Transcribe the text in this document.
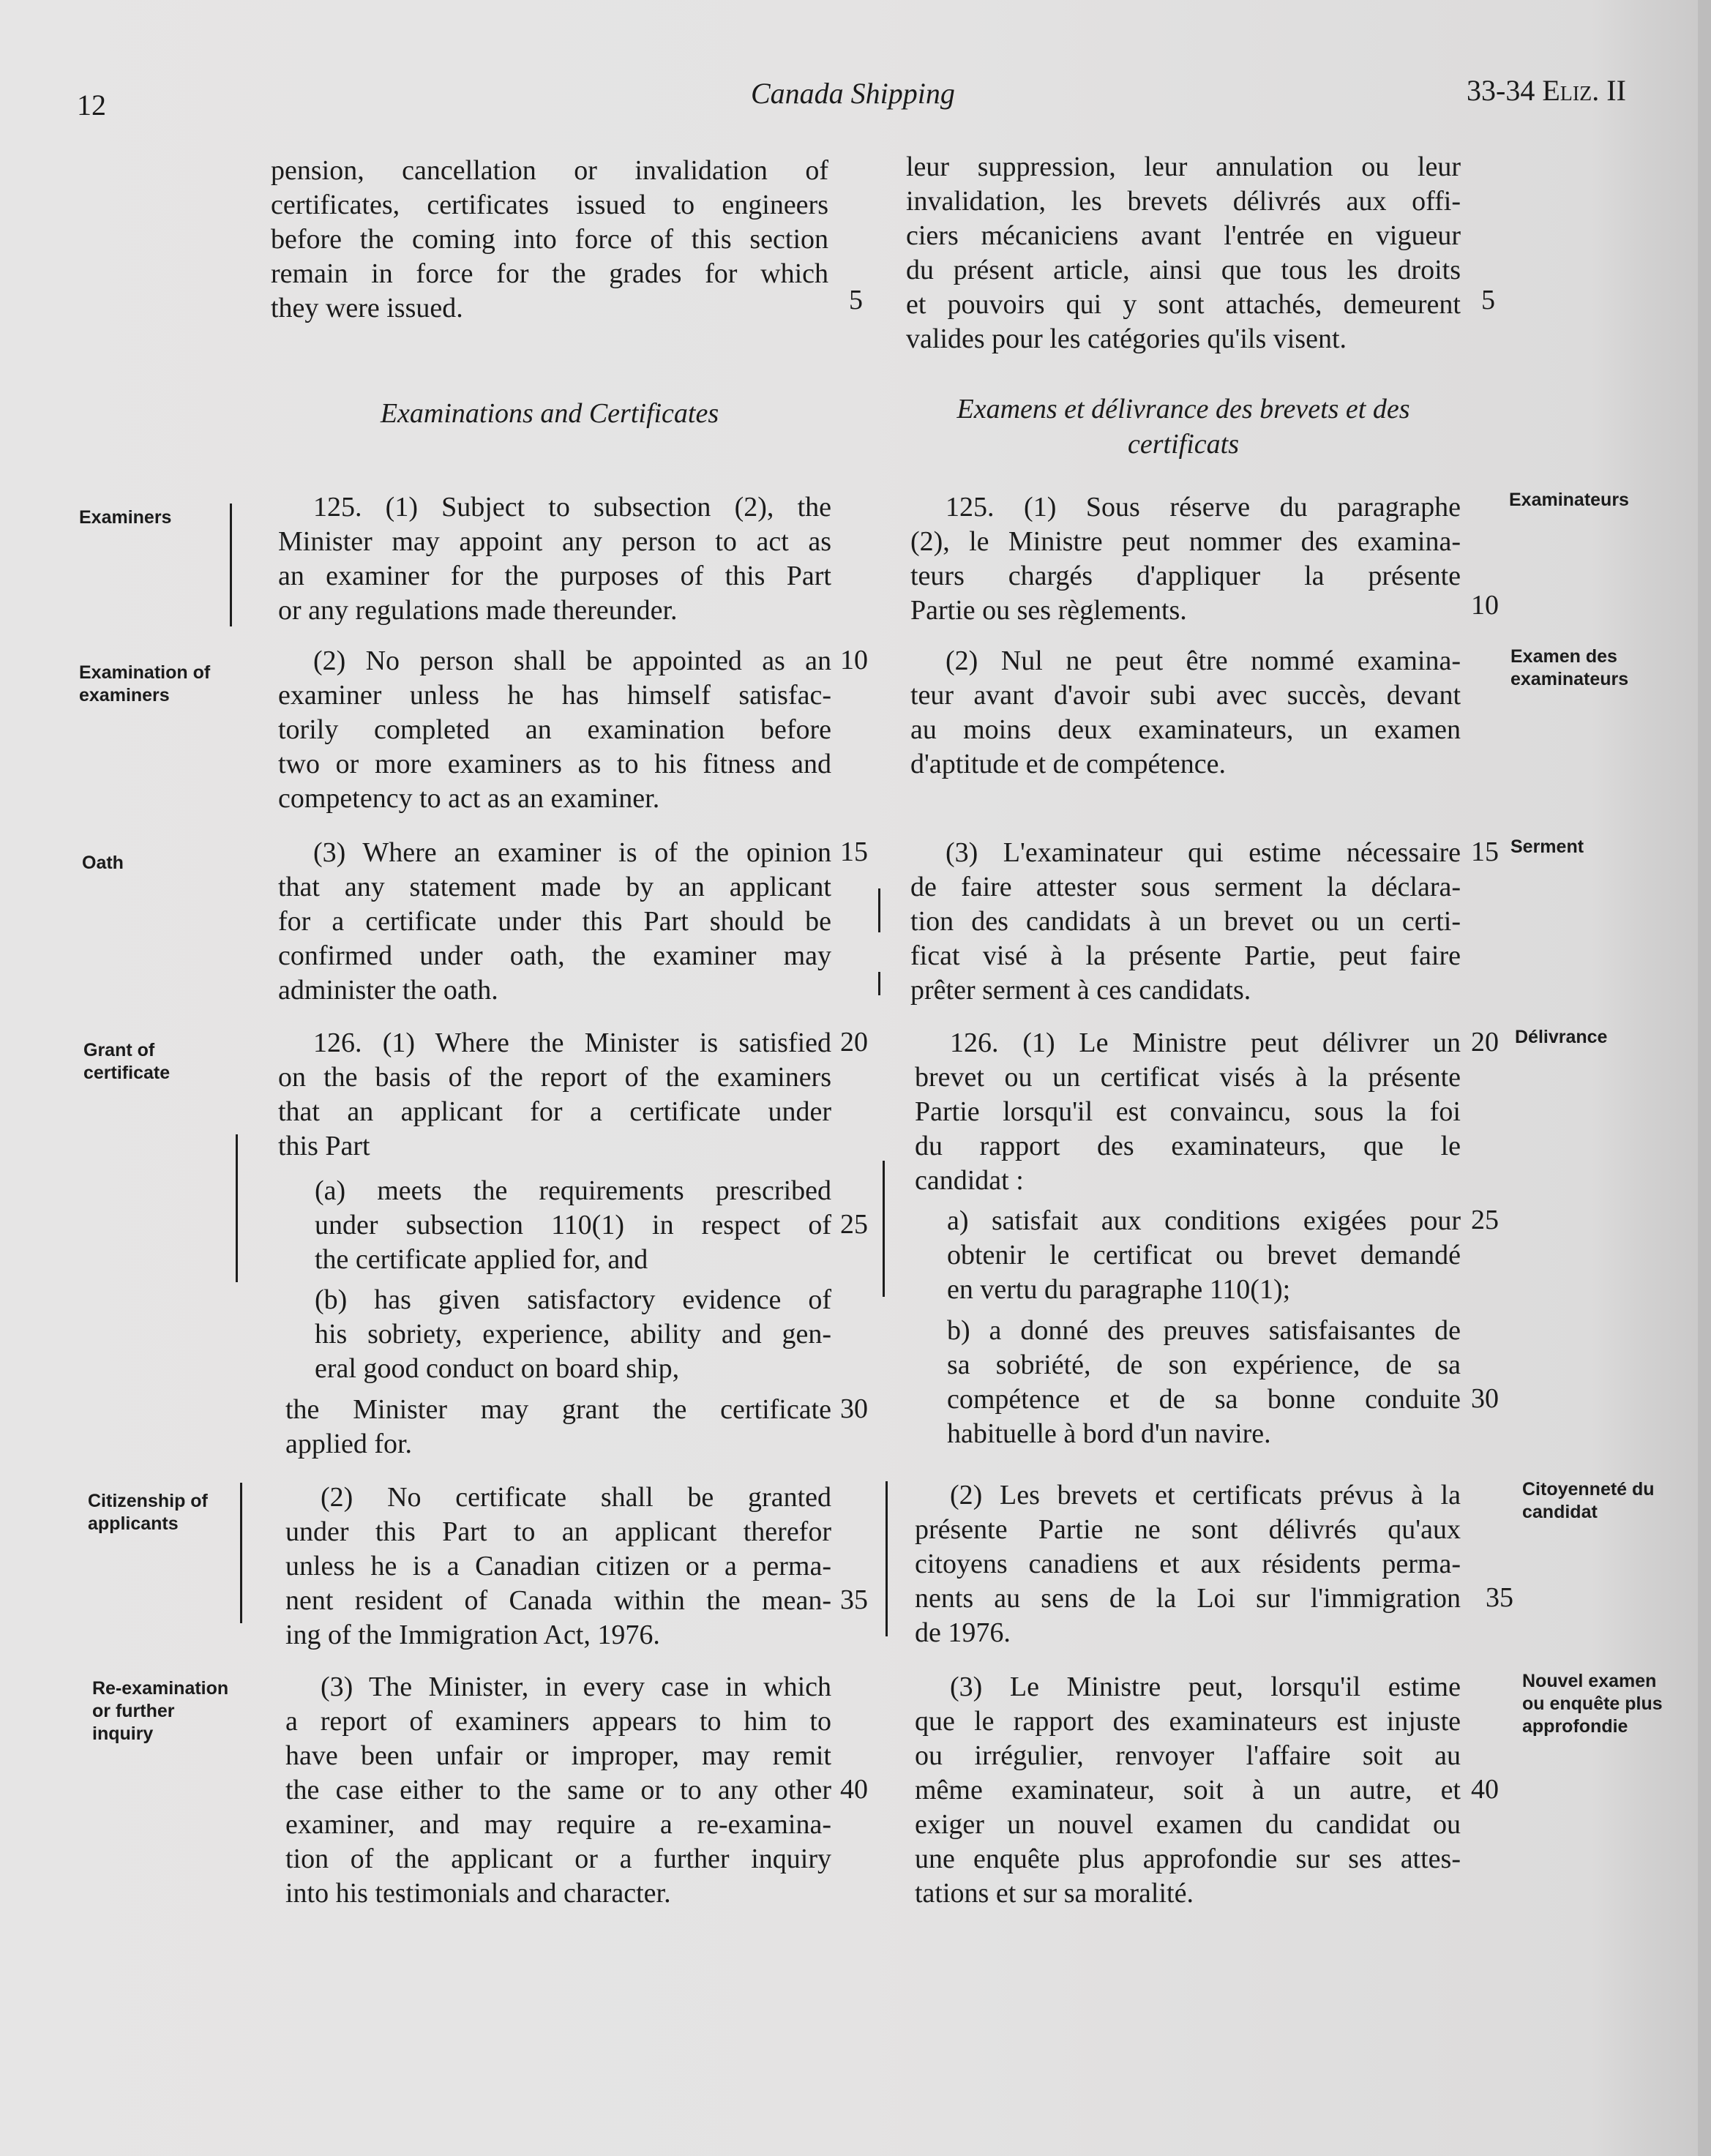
12	Canada Shipping	33-34 Eliz. II
pension, cancellation or invalidation of
certificates, certificates issued to engineers
before the coming into force of this section
remain in force for the grades for which
they were issued.
Examinations and Certificates
125. (1) Subject to subsection (2), the
Minister may appoint any person to act as
an examiner for the purposes of this Part
or any regulations made thereunder.
(2) No person shall be appointed as an
examiner unless he has himself satisfac-
torily completed an examination before
two or more examiners as to his fitness and
competency to act as an examiner.
(3) Where an examiner is of the opinion
that any statement made by an applicant
for a certificate under this Part should be
confirmed under oath, the examiner may
administer the oath.
126. (1) Where the Minister is satisfied
on the basis of the report of the examiners
that an applicant for a certificate under
this Part
(a) meets the requirements prescribed
under subsection 110(1) in respect of
the certificate applied for, and
(b) has given satisfactory evidence of
his sobriety, experience, ability and gen-
eral good conduct on board ship,
the Minister may grant the certificate
applied for.
(2) No certificate shall be granted
under this Part to an applicant therefor
unless he is a Canadian citizen or a perma-
nent resident of Canada within the mean-
ing of the Immigration Act, 1976.
(3) The Minister, in every case in which
a report of examiners appears to him to
have been unfair or improper, may remit
the case either to the same or to any other
examiner, and may require a re-examina-
tion of the applicant or a further inquiry
into his testimonials and character.
5
10
15
20
25
30
35
40
leur suppression, leur annulation ou leur
invalidation, les brevets délivrés aux offi-
ciers mécaniciens avant l'entrée en vigueur
du présent article, ainsi que tous les droits
et pouvoirs qui y sont attachés, demeurent
valides pour les catégories qu'ils visent.
5
Examens et délivrance des brevets et des
certificats
125. (1) Sous réserve du paragraphe
(2), le Ministre peut nommer des examina-
teurs chargés d'appliquer la présente
Partie ou ses règlements.	10
(2) Nul ne peut être nommé examina-
teur avant d'avoir subi avec succès, devant
au moins deux examinateurs, un examen
d'aptitude et de compétence.
(3) L'examinateur qui estime nécessaire
de faire attester sous serment la déclara-
tion des candidats à un brevet ou un certi-
ficat visé à la présente Partie, peut faire
prêter serment à ces candidats.
15
126. (1) Le Ministre peut délivrer un
brevet ou un certificat visés à la présente
Partie lorsqu'il est convaincu, sous la foi
du rapport des examinateurs, que le
candidat :
20
a) satisfait aux conditions exigées pour
obtenir le certificat ou brevet demandé
en vertu du paragraphe 110(1);
25
b) a donné des preuves satisfaisantes de
sa sobriété, de son expérience, de sa
compétence et de sa bonne conduite
habituelle à bord d'un navire.
30
(2) Les brevets et certificats prévus à la
présente Partie ne sont délivrés qu'aux
citoyens canadiens et aux résidents perma-
nents au sens de la Loi sur l'immigration
de 1976.
35
(3) Le Ministre peut, lorsqu'il estime
que le rapport des examinateurs est injuste
ou irrégulier, renvoyer l'affaire soit au
même examinateur, soit à un autre, et
exiger un nouvel examen du candidat ou
une enquête plus approfondie sur ses attes-
tations et sur sa moralité.
40
Examiners
Examination of
examiners
Oath
Grant of
certificate
Citizenship of
applicants
Re-examination
or further
inquiry
Examinateurs
Examen des
examinateurs
Serment
Délivrance
Citoyenneté du
candidat
Nouvel examen
ou enquête plus
approfondie
